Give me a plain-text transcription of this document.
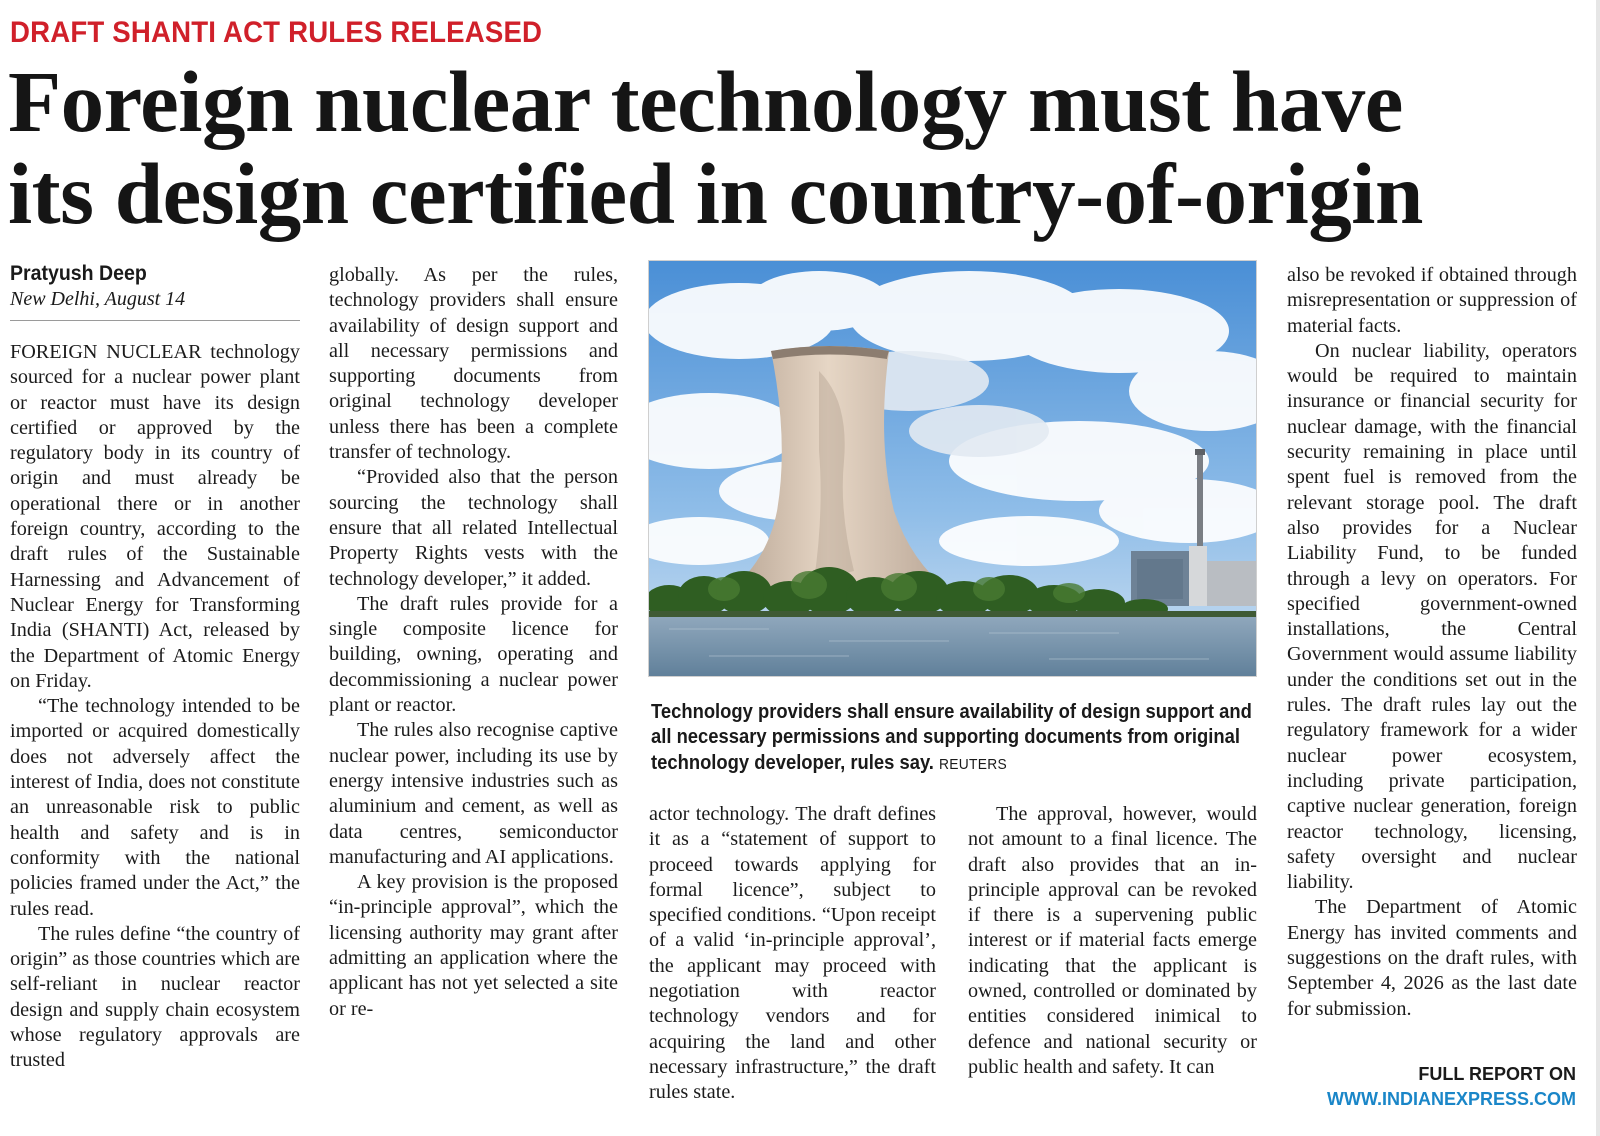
DRAFT SHANTI ACT RULES RELEASED
Foreign nuclear technology must have
its design certified in country-of-origin
Pratyush Deep
New Delhi, August 14

FOREIGN NUCLEAR technology sourced for a nuclear power plant or reactor must have its design certified or approved by the regulatory body in its country of origin and must already be operational there or in another foreign country, according to the draft rules of the Sustainable Harnessing and Advancement of Nuclear Energy for Transforming India (SHANTI) Act, released by the Department of Atomic Energy on Friday.

“The technology intended to be imported or acquired domestically does not adversely affect the interest of India, does not constitute an unreasonable risk to public health and safety and is in conformity with the national policies framed under the Act,” the rules read.

The rules define “the country of origin” as those countries which are self-reliant in nuclear reactor design and supply chain ecosystem whose regulatory approvals are trusted

globally. As per the rules, technology providers shall ensure availability of design support and all necessary permissions and supporting documents from original technology developer unless there has been a complete transfer of technology.

“Provided also that the person sourcing the technology shall ensure that all related Intellectual Property Rights vests with the technology developer,” it added.

The draft rules provide for a single composite licence for building, owning, operating and decommissioning a nuclear power plant or reactor.

The rules also recognise captive nuclear power, including its use by energy intensive industries such as aluminium and cement, as well as data centres, semiconductor manufacturing and AI applications.

A key provision is the proposed “in-principle approval”, which the licensing authority may grant after admitting an application where the applicant has not yet selected a site or re-

Technology providers shall ensure availability of design support and all necessary permissions and supporting documents from original technology developer, rules say. REUTERS

actor technology. The draft defines it as a “statement of support to proceed towards applying for formal licence”, subject to specified conditions. “Upon receipt of a valid ‘in-principle approval’, the applicant may proceed with negotiation with reactor technology vendors and for acquiring the land and other necessary infrastructure,” the draft rules state.

The approval, however, would not amount to a final licence. The draft also provides that an in-principle approval can be revoked if there is a supervening public interest or if material facts emerge indicating that the applicant is owned, controlled or dominated by entities considered inimical to defence and national security or public health and safety. It can

also be revoked if obtained through misrepresentation or suppression of material facts.

On nuclear liability, operators would be required to maintain insurance or financial security for nuclear damage, with the financial security remaining in place until spent fuel is removed from the relevant storage pool. The draft also provides for a Nuclear Liability Fund, to be funded through a levy on operators. For specified government-owned installations, the Central Government would assume liability under the conditions set out in the rules. The draft rules lay out the regulatory framework for a wider nuclear power ecosystem, including private participation, captive nuclear generation, foreign reactor technology, licensing, safety oversight and nuclear liability.

The Department of Atomic Energy has invited comments and suggestions on the draft rules, with September 4, 2026 as the last date for submission.

FULL REPORT ON
WWW.INDIANEXPRESS.COM
